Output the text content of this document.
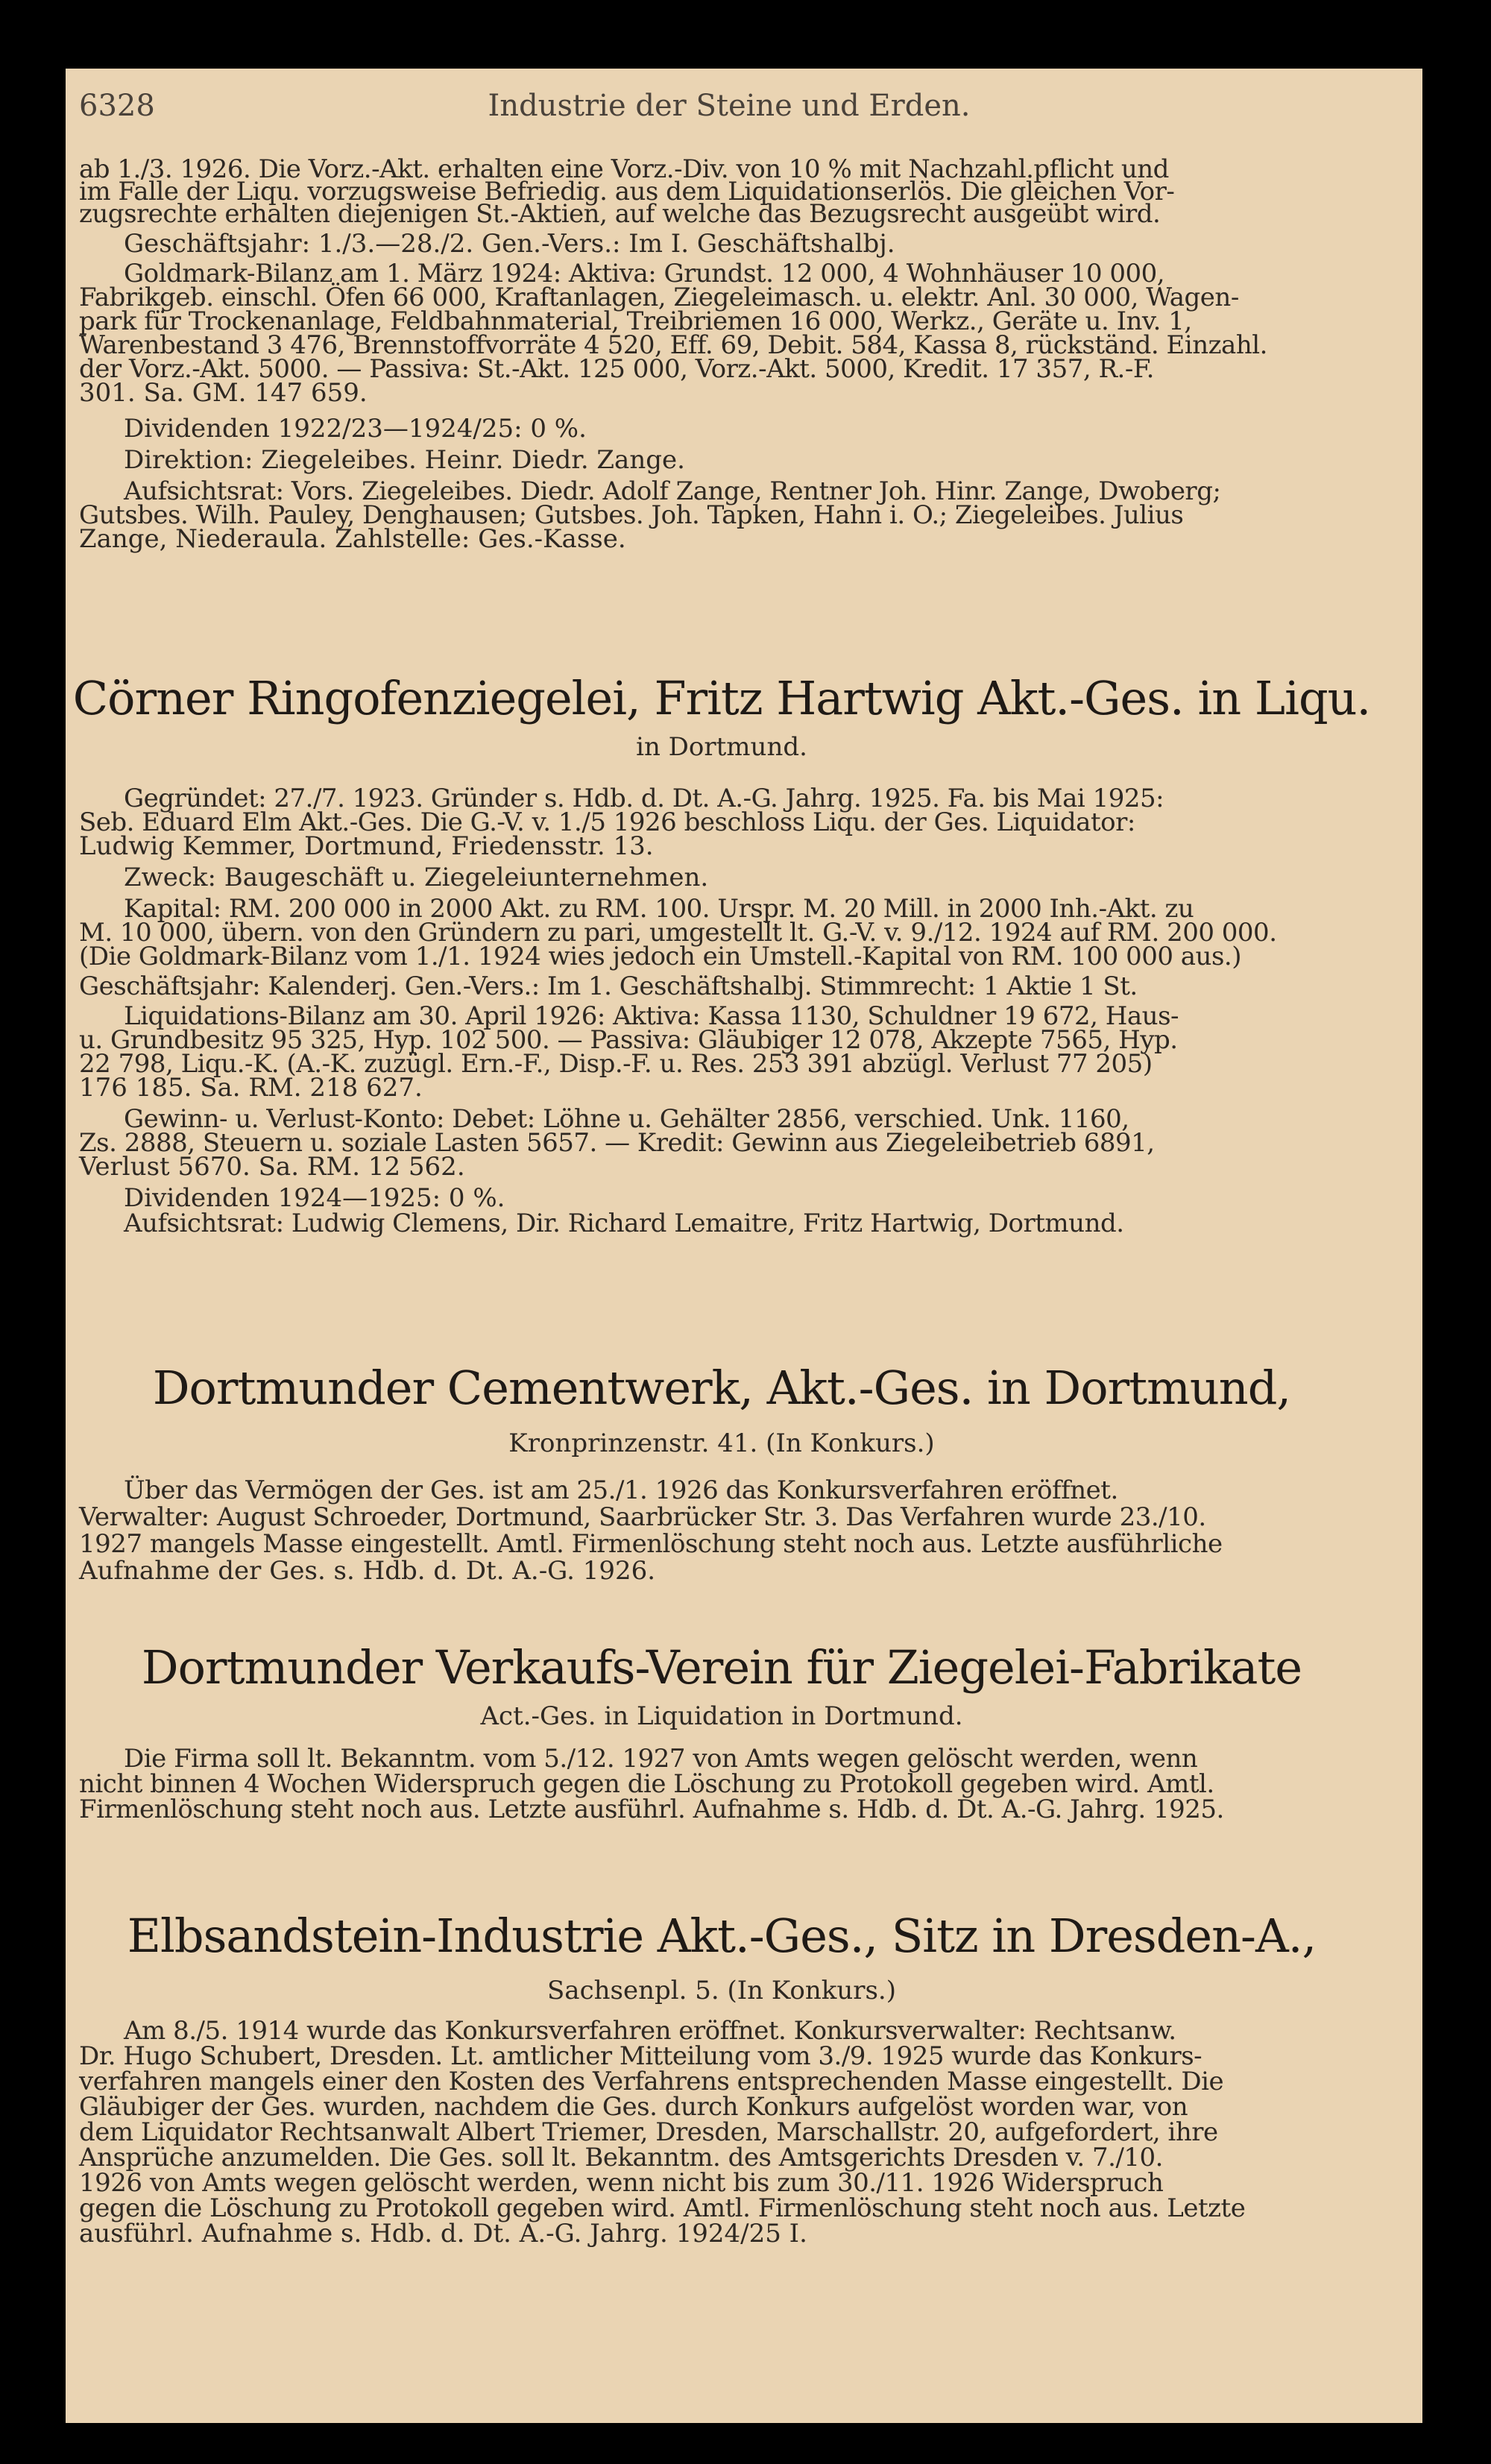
6328	Industrie der Steine und Erden.
ab 1./3. 1926. Die Vorz.-Akt. erhalten eine Vorz.-Div. von 10 % mit Nachzahl.pflicht und
im Falle der Liqu. vorzugsweise Befriedig. aus dem Liquidationserlös. Die gleichen Vor-
zugsrechte erhalten diejenigen St.-Aktien, auf welche das Bezugsrecht ausgeübt wird.
Geschäftsjahr: 1./3.—28./2. Gen.-Vers.: Im I. Geschäftshalbj.
Goldmark-Bilanz am 1. März 1924: Aktiva: Grundst. 12 000, 4 Wohnhäuser 10 000,
Fabrikgeb. einschl. Öfen 66 000, Kraftanlagen, Ziegeleimasch. u. elektr. Anl. 30 000, Wagen-
park für Trockenanlage, Feldbahnmaterial, Treibriemen 16 000, Werkz., Geräte u. Inv. 1,
Warenbestand 3 476, Brennstoffvorräte 4 520, Eff. 69, Debit. 584, Kassa 8, rückständ. Einzahl.
der Vorz.-Akt. 5000. — Passiva: St.-Akt. 125 000, Vorz.-Akt. 5000, Kredit. 17 357, R.-F.
301. Sa. GM. 147 659.
Dividenden 1922/23—1924/25: 0 %.
Direktion: Ziegeleibes. Heinr. Diedr. Zange.
Aufsichtsrat: Vors. Ziegeleibes. Diedr. Adolf Zange, Rentner Joh. Hinr. Zange, Dwoberg;
Gutsbes. Wilh. Pauley, Denghausen; Gutsbes. Joh. Tapken, Hahn i. O.; Ziegeleibes. Julius
Zange, Niederaula. Zahlstelle: Ges.-Kasse.
Cörner Ringofenziegelei, Fritz Hartwig Akt.-Ges. in Liqu.
in Dortmund.
Gegründet: 27./7. 1923. Gründer s. Hdb. d. Dt. A.-G. Jahrg. 1925. Fa. bis Mai 1925:
Seb. Eduard Elm Akt.-Ges. Die G.-V. v. 1./5 1926 beschloss Liqu. der Ges. Liquidator:
Ludwig Kemmer, Dortmund, Friedensstr. 13.
Zweck: Baugeschäft u. Ziegeleiunternehmen.
Kapital: RM. 200 000 in 2000 Akt. zu RM. 100. Urspr. M. 20 Mill. in 2000 Inh.-Akt. zu
M. 10 000, übern. von den Gründern zu pari, umgestellt lt. G.-V. v. 9./12. 1924 auf RM. 200 000.
(Die Goldmark-Bilanz vom 1./1. 1924 wies jedoch ein Umstell.-Kapital von RM. 100 000 aus.)
Geschäftsjahr: Kalenderj. Gen.-Vers.: Im 1. Geschäftshalbj. Stimmrecht: 1 Aktie 1 St.
Liquidations-Bilanz am 30. April 1926: Aktiva: Kassa 1130, Schuldner 19 672, Haus-
u. Grundbesitz 95 325, Hyp. 102 500. — Passiva: Gläubiger 12 078, Akzepte 7565, Hyp.
22 798, Liqu.-K. (A.-K. zuzügl. Ern.-F., Disp.-F. u. Res. 253 391 abzügl. Verlust 77 205)
176 185. Sa. RM. 218 627.
Gewinn- u. Verlust-Konto: Debet: Löhne u. Gehälter 2856, verschied. Unk. 1160,
Zs. 2888, Steuern u. soziale Lasten 5657. — Kredit: Gewinn aus Ziegeleibetrieb 6891,
Verlust 5670. Sa. RM. 12 562.
Dividenden 1924—1925: 0 %.
Aufsichtsrat: Ludwig Clemens, Dir. Richard Lemaitre, Fritz Hartwig, Dortmund.
Dortmunder Cementwerk, Akt.-Ges. in Dortmund,
Kronprinzenstr. 41. (In Konkurs.)
Über das Vermögen der Ges. ist am 25./1. 1926 das Konkursverfahren eröffnet.
Verwalter: August Schroeder, Dortmund, Saarbrücker Str. 3. Das Verfahren wurde 23./10.
1927 mangels Masse eingestellt. Amtl. Firmenlöschung steht noch aus. Letzte ausführliche
Aufnahme der Ges. s. Hdb. d. Dt. A.-G. 1926.
Dortmunder Verkaufs-Verein für Ziegelei-Fabrikate
Act.-Ges. in Liquidation in Dortmund.
Die Firma soll lt. Bekanntm. vom 5./12. 1927 von Amts wegen gelöscht werden, wenn
nicht binnen 4 Wochen Widerspruch gegen die Löschung zu Protokoll gegeben wird. Amtl.
Firmenlöschung steht noch aus. Letzte ausführl. Aufnahme s. Hdb. d. Dt. A.-G. Jahrg. 1925.
Elbsandstein-Industrie Akt.-Ges., Sitz in Dresden-A.,
Sachsenpl. 5. (In Konkurs.)
Am 8./5. 1914 wurde das Konkursverfahren eröffnet. Konkursverwalter: Rechtsanw.
Dr. Hugo Schubert, Dresden. Lt. amtlicher Mitteilung vom 3./9. 1925 wurde das Konkurs-
verfahren mangels einer den Kosten des Verfahrens entsprechenden Masse eingestellt. Die
Gläubiger der Ges. wurden, nachdem die Ges. durch Konkurs aufgelöst worden war, von
dem Liquidator Rechtsanwalt Albert Triemer, Dresden, Marschallstr. 20, aufgefordert, ihre
Ansprüche anzumelden. Die Ges. soll lt. Bekanntm. des Amtsgerichts Dresden v. 7./10.
1926 von Amts wegen gelöscht werden, wenn nicht bis zum 30./11. 1926 Widerspruch
gegen die Löschung zu Protokoll gegeben wird. Amtl. Firmenlöschung steht noch aus. Letzte
ausführl. Aufnahme s. Hdb. d. Dt. A.-G. Jahrg. 1924/25 I.
